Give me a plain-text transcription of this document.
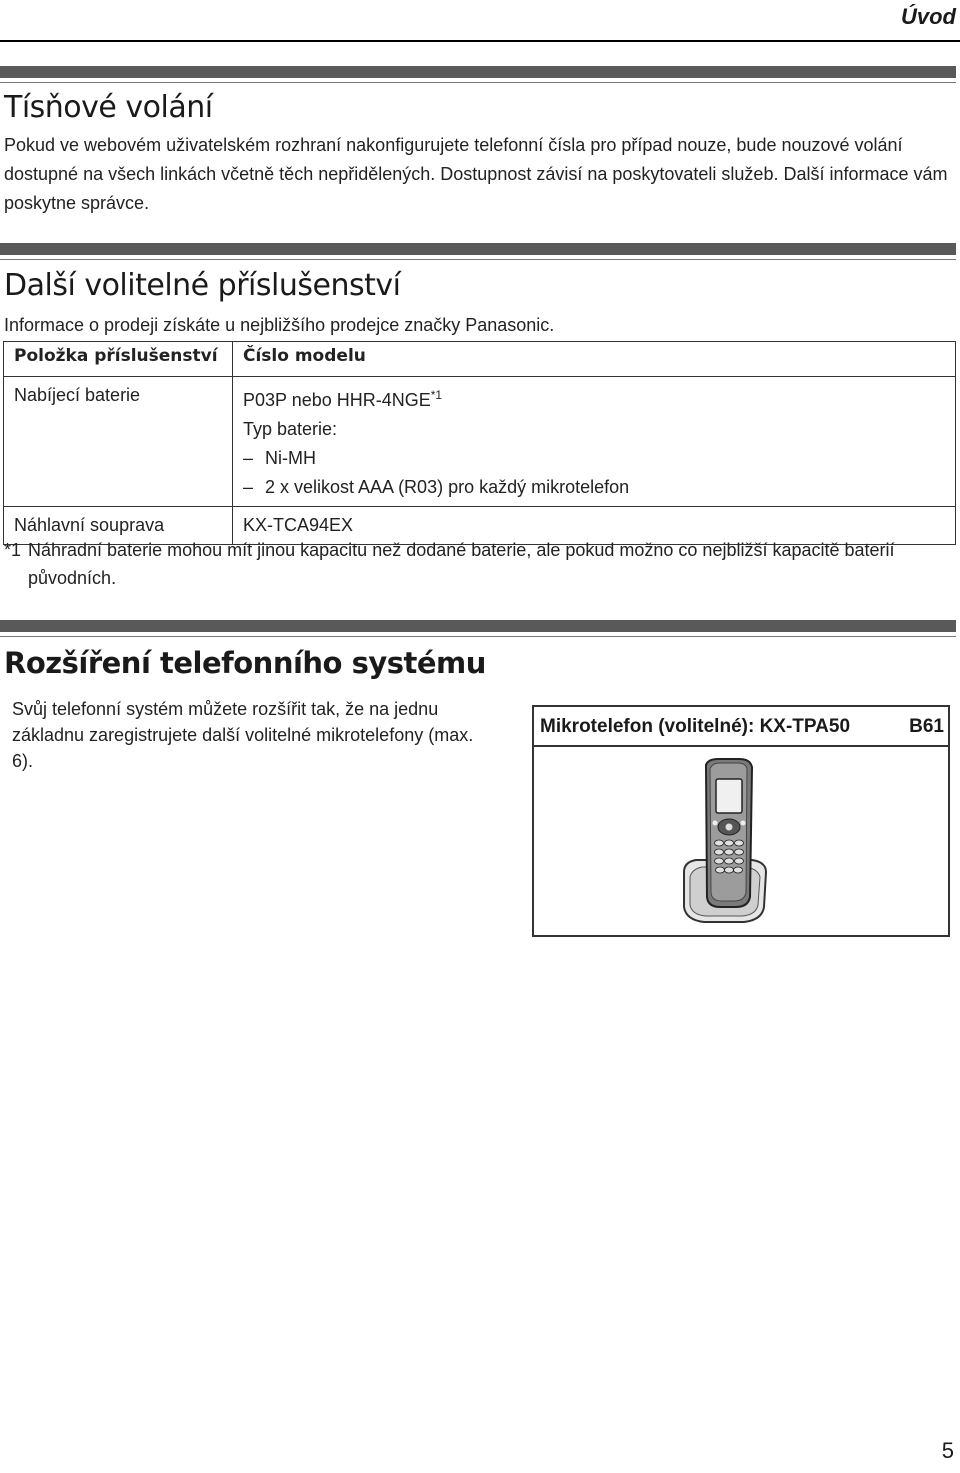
Úvod
Tísňové volání
Pokud ve webovém uživatelském rozhraní nakonfigurujete telefonní čísla pro případ nouze, bude nouzové volání dostupné na všech linkách včetně těch nepřidělených. Dostupnost závisí na poskytovateli služeb. Další informace vám poskytne správce.
Další volitelné příslušenství
Informace o prodeji získáte u nejbližšího prodejce značky Panasonic.
Položka příslušenství	Číslo modelu
Nabíjecí baterie	P03P nebo HHR-4NGE$^{*1}$
Typ baterie:
– Ni-MH
– 2 x velikost AAA (R03) pro každý mikrotelefon

Náhlavní souprava	KX-TCA94EX
*1 Náhradní baterie mohou mít jinou kapacitu než dodané baterie, ale pokud možno co nejbližší kapacitě baterií
původních.
Rozšíření telefonního systému
Svůj telefonní systém můžete rozšířit tak, že na jednu základnu zaregistrujete další volitelné mikrotelefony (max. 6).
Mikrotelefon (volitelné): KX-TPA50	B61
5
